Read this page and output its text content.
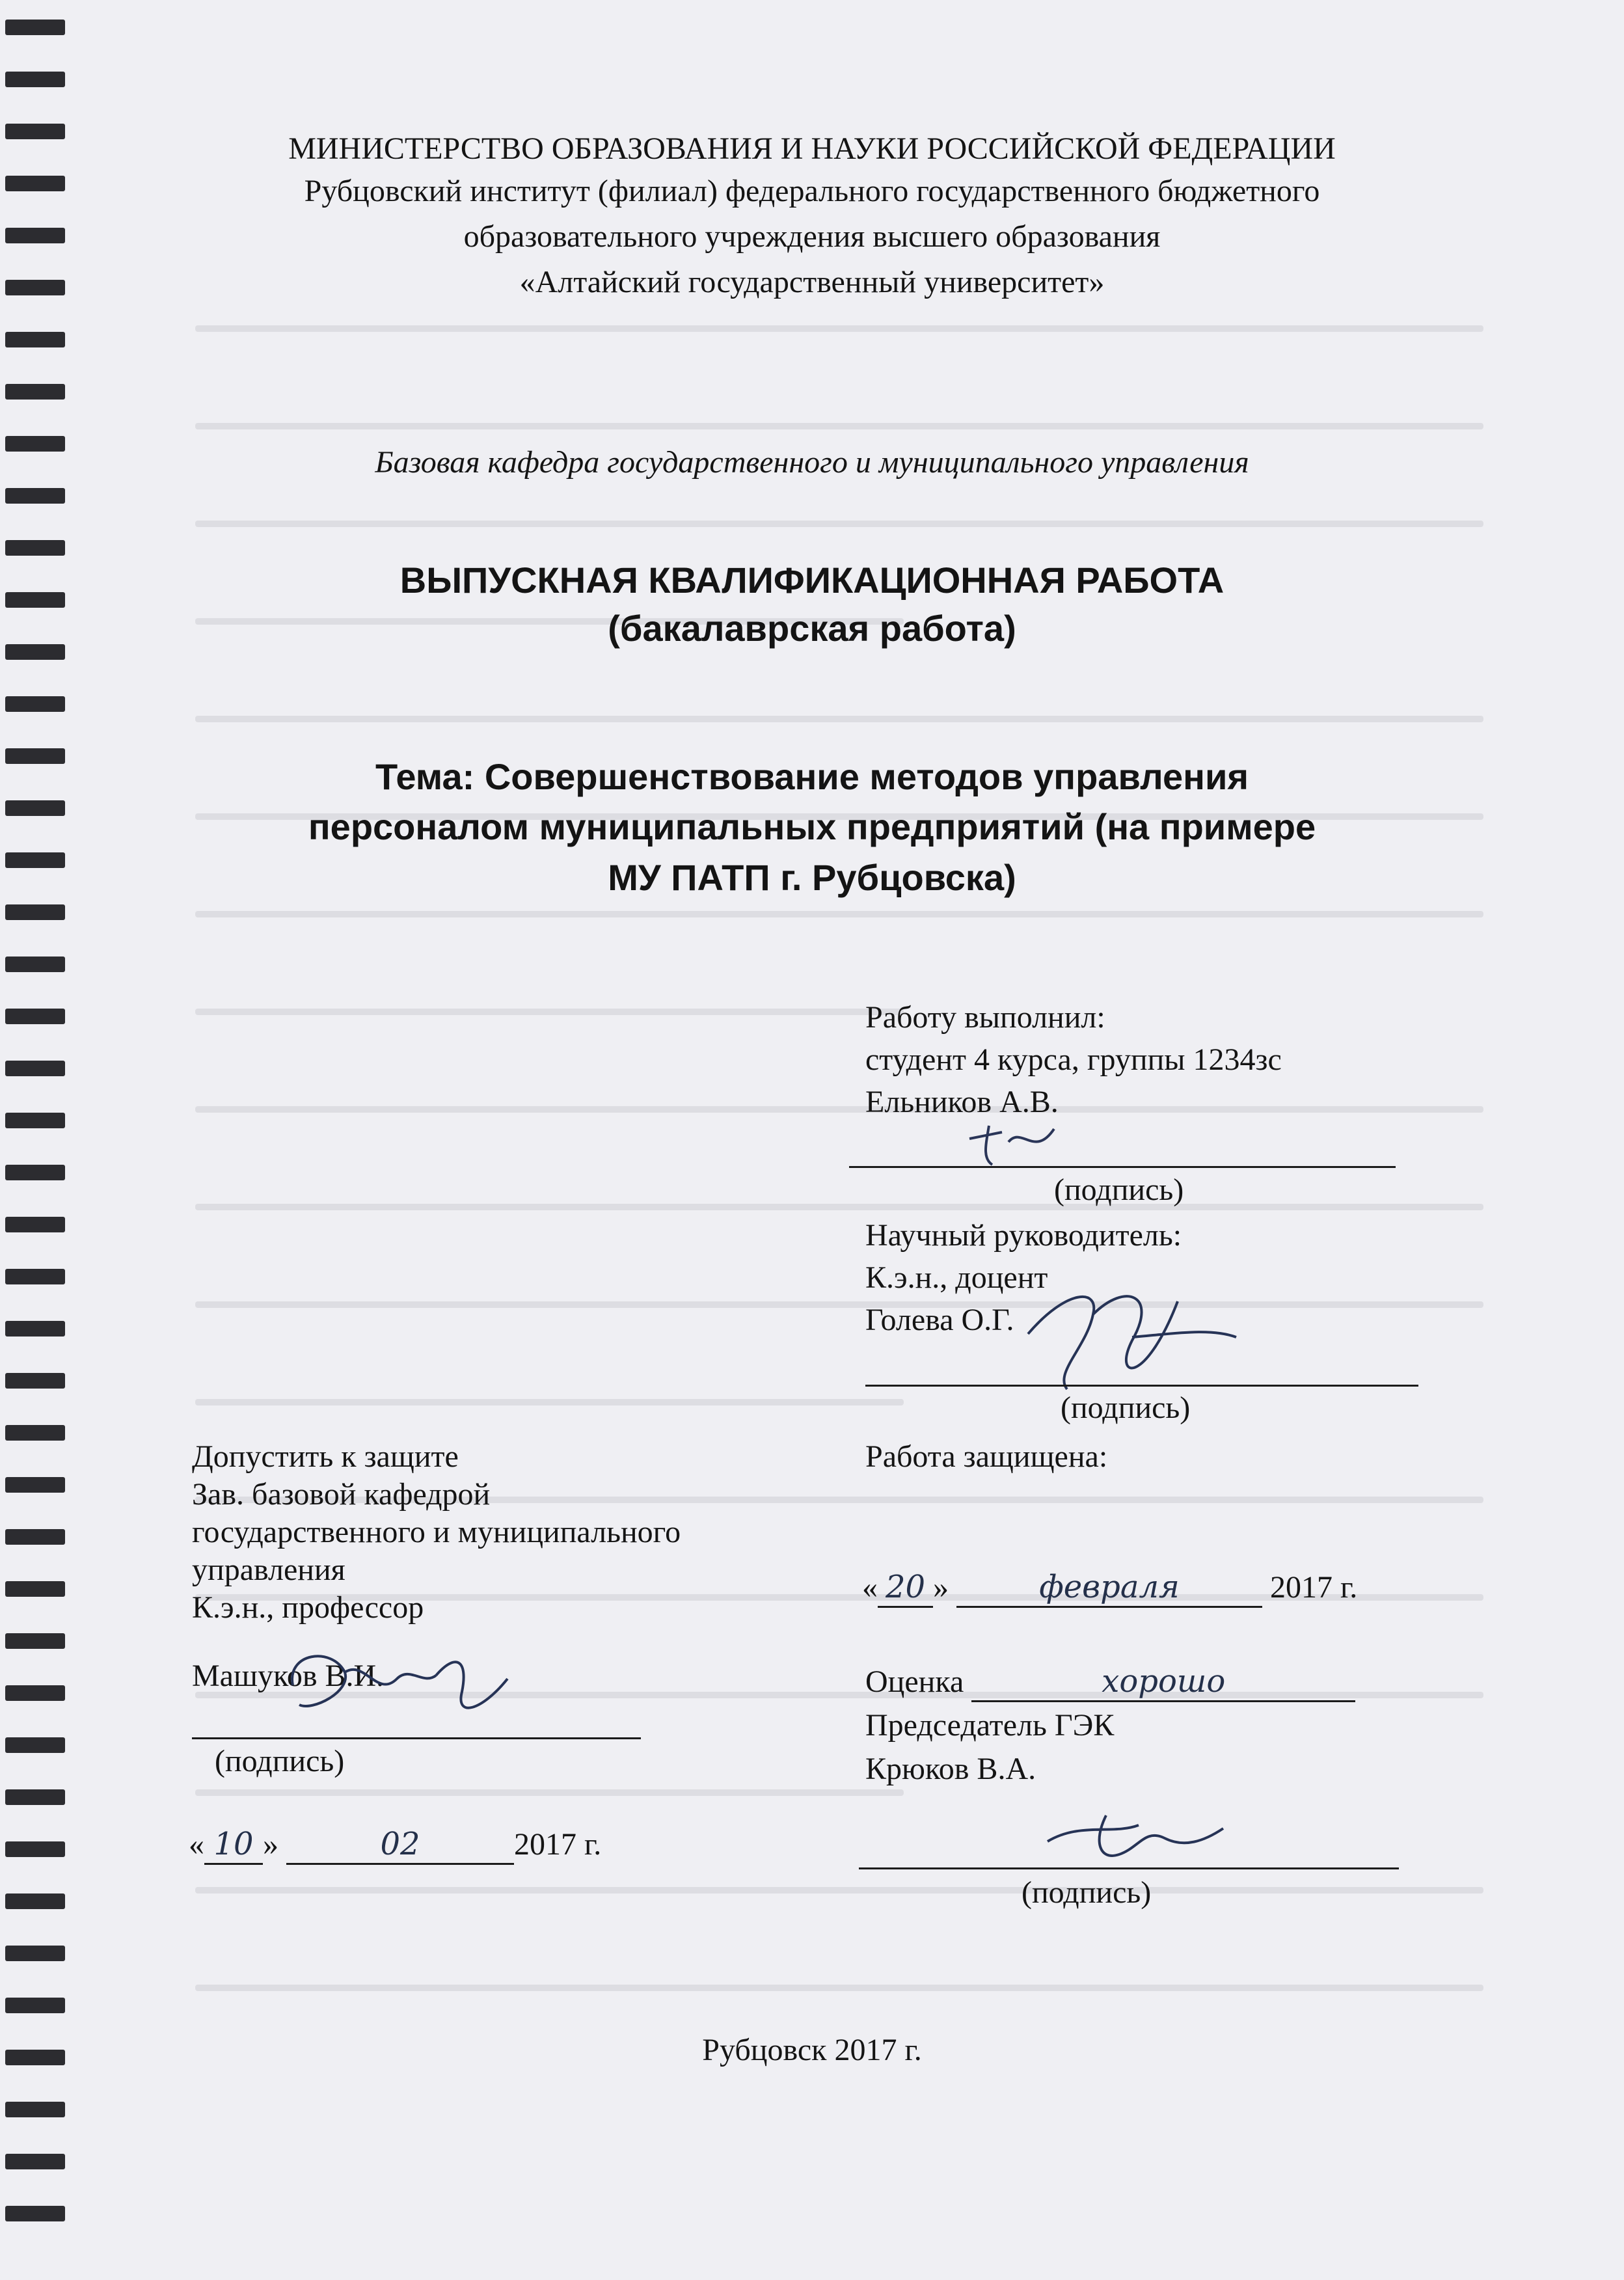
МИНИСТЕРСТВО ОБРАЗОВАНИЯ И НАУКИ РОССИЙСКОЙ ФЕДЕРАЦИИ
Рубцовский институт (филиал) федерального государственного бюджетного
образовательного учреждения высшего образования
«Алтайский государственный университет»
Базовая кафедра государственного и муниципального управления
ВЫПУСКНАЯ КВАЛИФИКАЦИОННАЯ РАБОТА
(бакалаврская работа)
Тема: Совершенствование методов управления
персоналом муниципальных предприятий (на примере
МУ ПАТП г. Рубцовска)
Работу выполнил:
студент 4 курса, группы 1234зс
Ельников А.В.
(подпись)
Научный руководитель:
К.э.н., доцент
Голева О.Г.
(подпись)
Допустить к защите
Зав. базовой кафедрой
государственного и муниципального
управления
К.э.н., профессор
Машуков В.И.
(подпись)
« 10 »	02	2017 г.
Работа защищена:
« 20 »	февраля	2017 г.
Оценка	хорошо
Председатель ГЭК
Крюков В.А.
(подпись)
Рубцовск 2017 г.
